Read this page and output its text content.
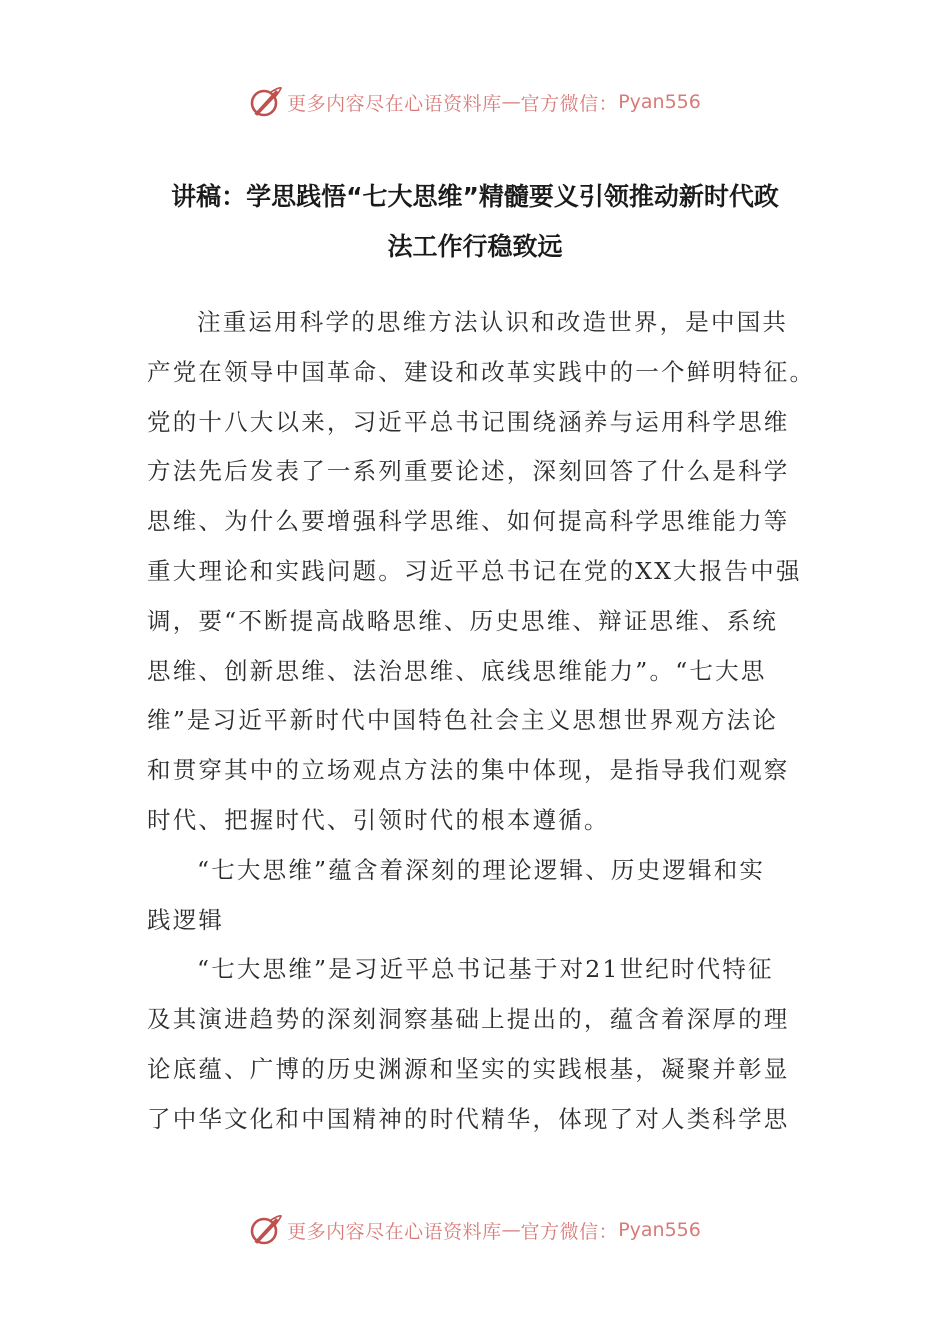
更多内容尽在心语资料库 — 官方微信： Pyan556
讲稿：学思践悟“七大思维”精髓要义引领推动新时代政
法工作行稳致远
注重运用科学的思维方法认识和改造世界，是中国共
产党在领导中国革命、建设和改革实践中的一个鲜明特征。
党的十八大以来，习近平总书记围绕涵养与运用科学思维
方法先后发表了一系列重要论述，深刻回答了什么是科学
思维、为什么要增强科学思维、如何提高科学思维能力等
重大理论和实践问题。习近平总书记在党的XX大报告中强
调，要“不断提高战略思维、历史思维、辩证思维、系统
思维、创新思维、法治思维、底线思维能力”。“七大思
维”是习近平新时代中国特色社会主义思想世界观方法论
和贯穿其中的立场观点方法的集中体现，是指导我们观察
时代、把握时代、引领时代的根本遵循。
“七大思维”蕴含着深刻的理论逻辑、历史逻辑和实
践逻辑
“七大思维”是习近平总书记基于对21世纪时代特征
及其演进趋势的深刻洞察基础上提出的，蕴含着深厚的理
论底蕴、广博的历史渊源和坚实的实践根基，凝聚并彰显
了中华文化和中国精神的时代精华，体现了对人类科学思
更多内容尽在心语资料库 — 官方微信： Pyan556
